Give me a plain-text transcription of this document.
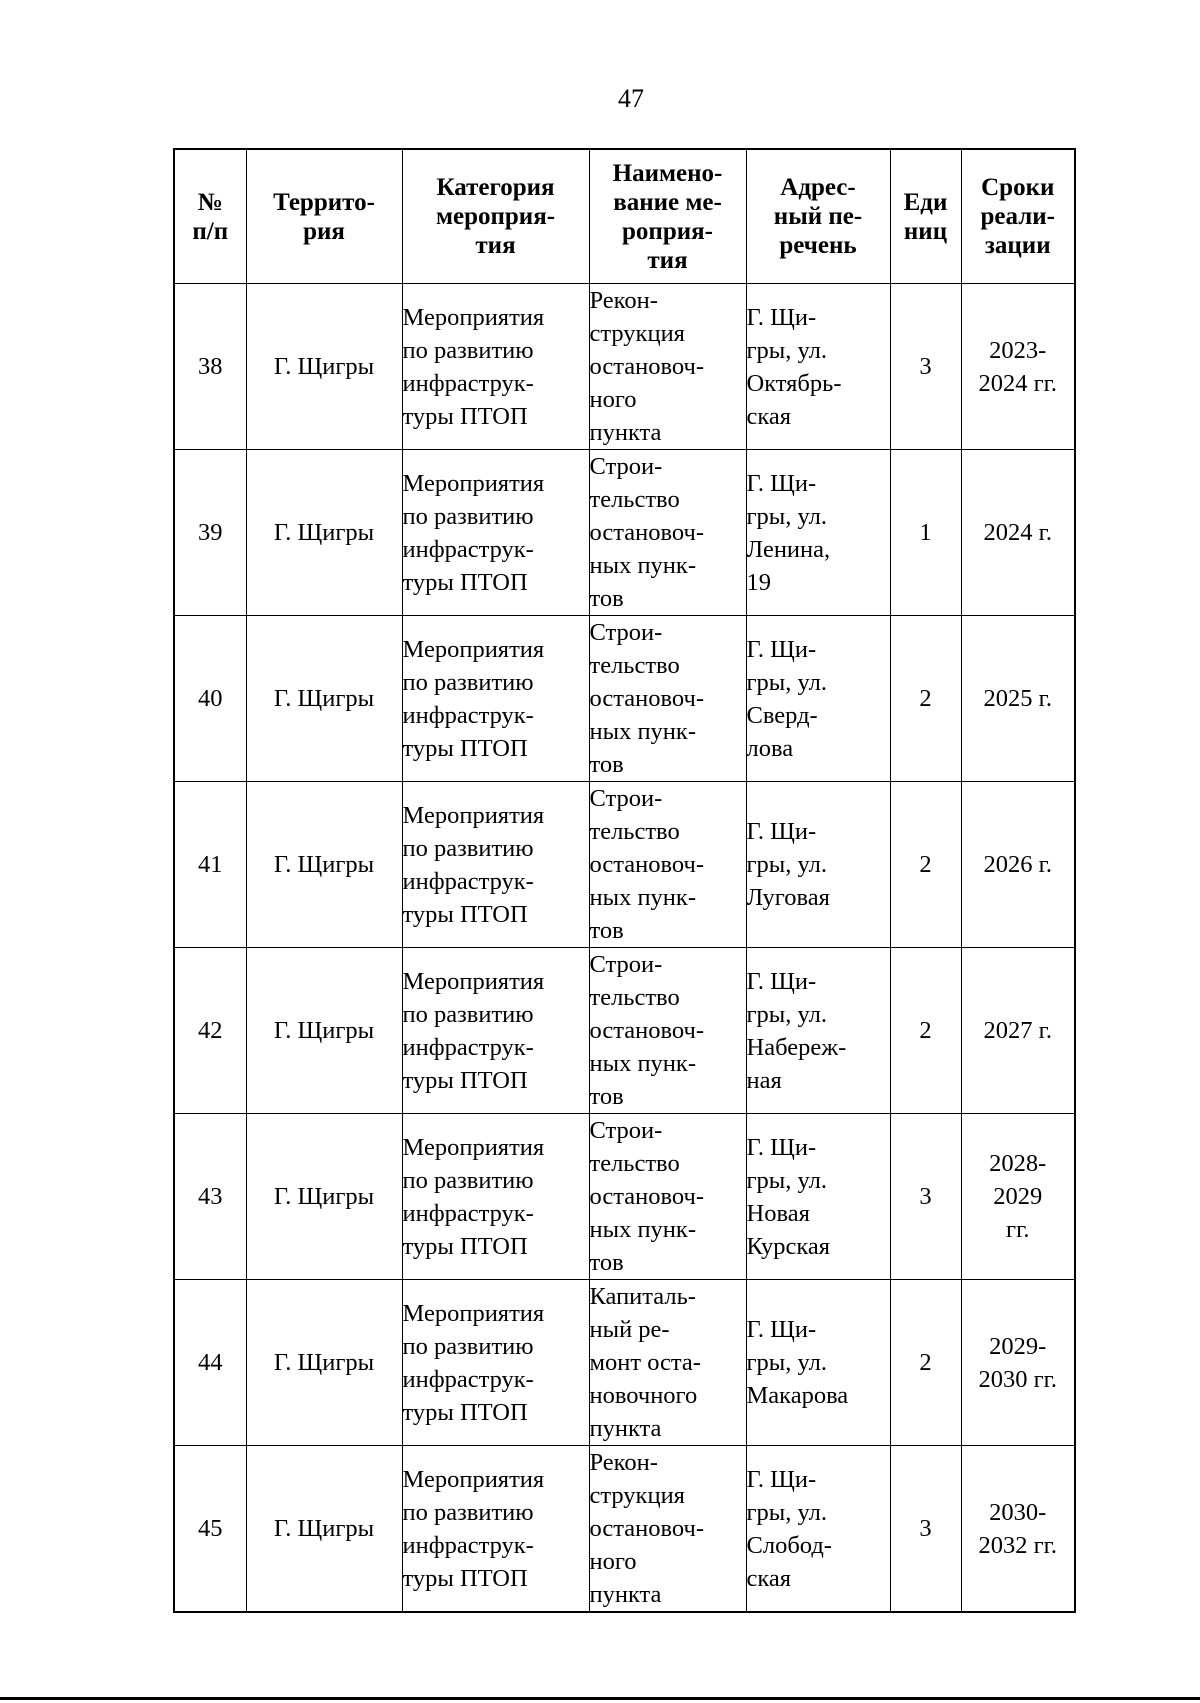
47
№
п/п	Террито-
рия	Категория
мероприя-
тия	Наимено-
вание ме-
роприя-
тия	Адрес-
ный пе-
речень	Еди
ниц	Сроки
реали-
зации

38	Г. Щигры	Мероприятия
по развитию
инфраструк-
туры ПТОП	Рекон-
струкция
остановоч-
ного
пункта	Г. Щи-
гры, ул.
Октябрь-
ская	3	2023-
2024 гг.

39	Г. Щигры	Мероприятия
по развитию
инфраструк-
туры ПТОП	Строи-
тельство
остановоч-
ных пунк-
тов	Г. Щи-
гры, ул.
Ленина,
19	1	2024 г.

40	Г. Щигры	Мероприятия
по развитию
инфраструк-
туры ПТОП	Строи-
тельство
остановоч-
ных пунк-
тов	Г. Щи-
гры, ул.
Сверд-
лова	2	2025 г.

41	Г. Щигры	Мероприятия
по развитию
инфраструк-
туры ПТОП	Строи-
тельство
остановоч-
ных пунк-
тов	Г. Щи-
гры, ул.
Луговая	2	2026 г.

42	Г. Щигры	Мероприятия
по развитию
инфраструк-
туры ПТОП	Строи-
тельство
остановоч-
ных пунк-
тов	Г. Щи-
гры, ул.
Набереж-
ная	2	2027 г.

43	Г. Щигры	Мероприятия
по развитию
инфраструк-
туры ПТОП	Строи-
тельство
остановоч-
ных пунк-
тов	Г. Щи-
гры, ул.
Новая
Курская	3	2028-
2029
гг.

44	Г. Щигры	Мероприятия
по развитию
инфраструк-
туры ПТОП	Капиталь-
ный ре-
монт оста-
новочного
пункта	Г. Щи-
гры, ул.
Макарова	2	2029-
2030 гг.

45	Г. Щигры	Мероприятия
по развитию
инфраструк-
туры ПТОП	Рекон-
струкция
остановоч-
ного
пункта	Г. Щи-
гры, ул.
Слобод-
ская	3	2030-
2032 гг.
